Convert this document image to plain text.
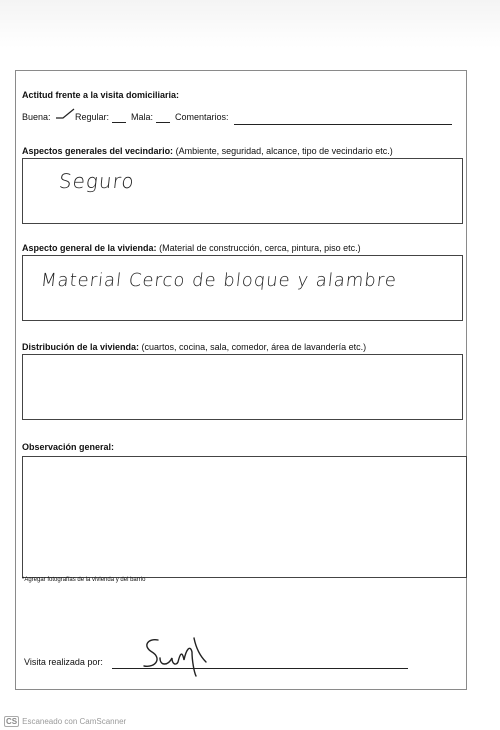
Actitud frente a la visita domiciliaria:
Buena:	Regular: Mala: Comentarios:
Aspectos generales del vecindario: (Ambiente, seguridad, alcance, tipo de vecindario etc.)
Seguro
Aspecto general de la vivienda: (Material de construcción, cerca, pintura, piso etc.)
Material Cerco de bloque y alambre
Distribución de la vivienda: (cuartos, cocina, sala, comedor, área de lavandería etc.)
Observación general:
*Agregar fotografías de la vivienda y del barrio
Visita realizada por:
CS Escaneado con CamScanner
